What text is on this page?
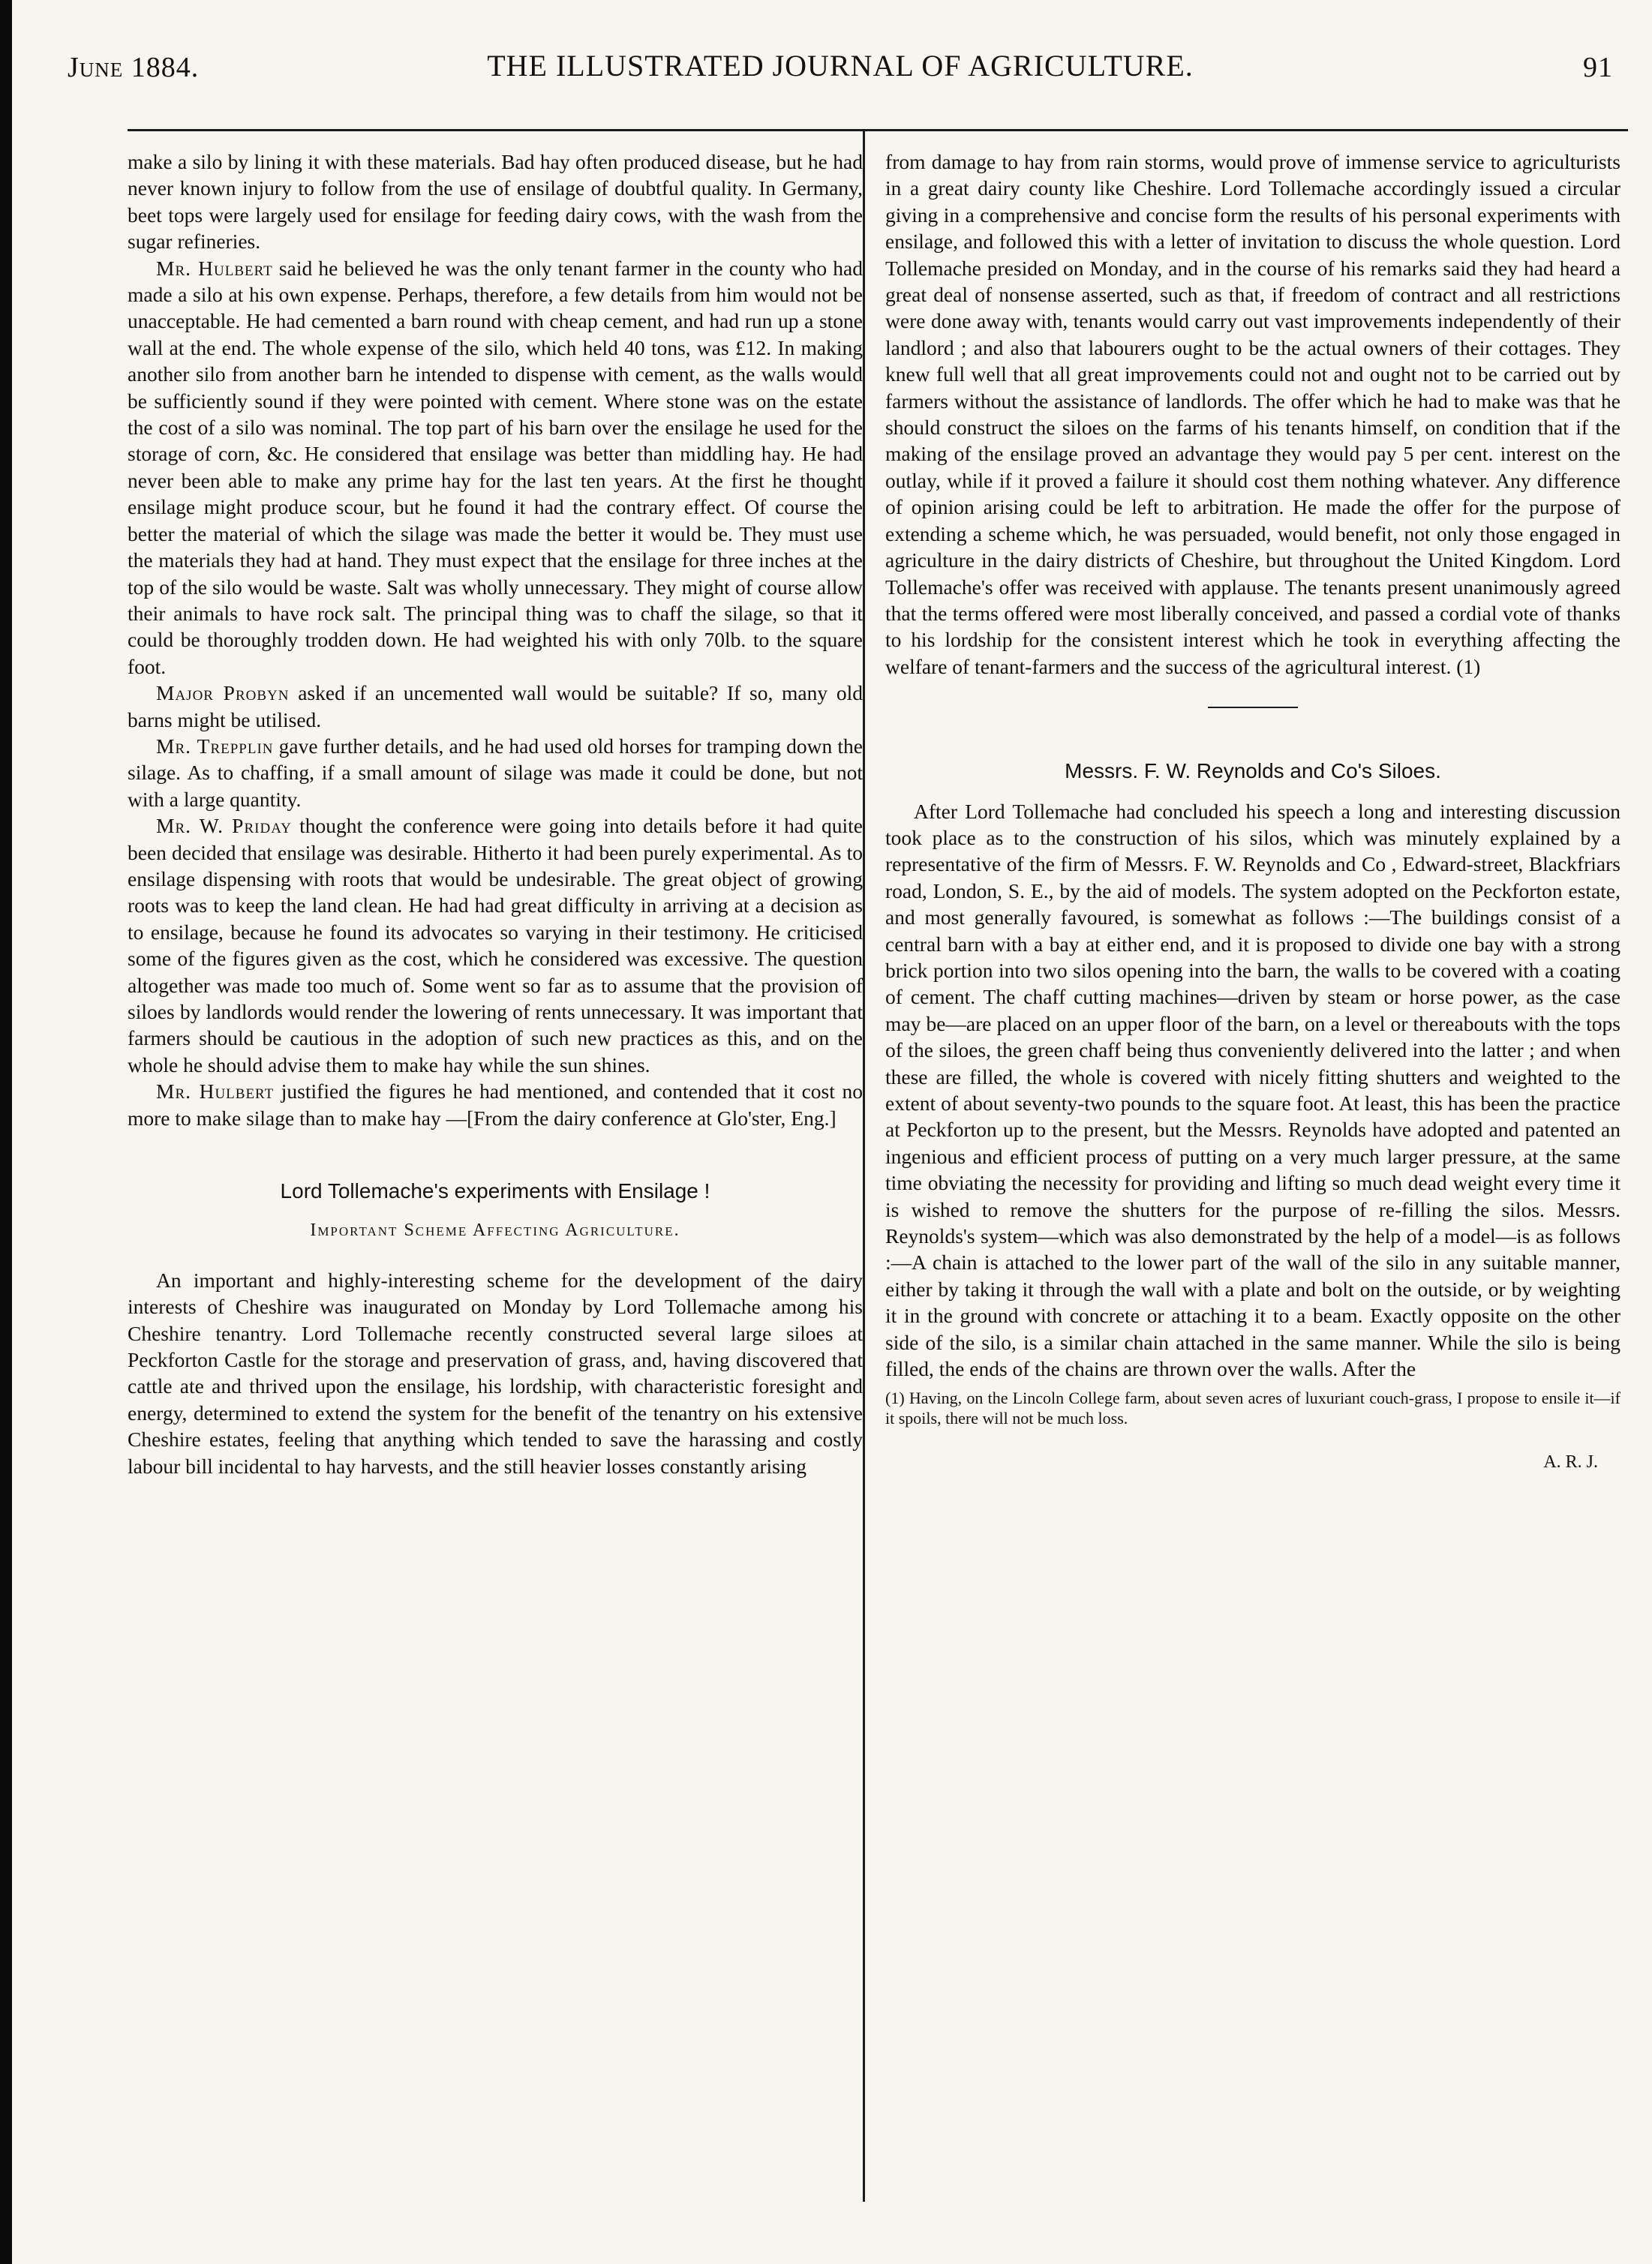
June 1884.	THE ILLUSTRATED JOURNAL OF AGRICULTURE.	91

make a silo by lining it with these materials. Bad hay often produced disease, but he had never known injury to follow from the use of ensilage of doubtful quality. In Germany, beet tops were largely used for ensilage for feeding dairy cows, with the wash from the sugar refineries.

Mr. Hulbert said he believed he was the only tenant farmer in the county who had made a silo at his own expense. Perhaps, therefore, a few details from him would not be unacceptable. He had cemented a barn round with cheap cement, and had run up a stone wall at the end. The whole expense of the silo, which held 40 tons, was £12. In making another silo from another barn he intended to dispense with cement, as the walls would be sufficiently sound if they were pointed with cement. Where stone was on the estate the cost of a silo was nominal. The top part of his barn over the ensilage he used for the storage of corn, &c. He considered that ensilage was better than middling hay. He had never been able to make any prime hay for the last ten years. At the first he thought ensilage might produce scour, but he found it had the contrary effect. Of course the better the material of which the silage was made the better it would be. They must use the materials they had at hand. They must expect that the ensilage for three inches at the top of the silo would be waste. Salt was wholly unnecessary. They might of course allow their animals to have rock salt. The principal thing was to chaff the silage, so that it could be thoroughly trodden down. He had weighted his with only 70lb. to the square foot.

Major Probyn asked if an uncemented wall would be suitable? If so, many old barns might be utilised.

Mr. Trepplin gave further details, and he had used old horses for tramping down the silage. As to chaffing, if a small amount of silage was made it could be done, but not with a large quantity.

Mr. W. Priday thought the conference were going into details before it had quite been decided that ensilage was desirable. Hitherto it had been purely experimental. As to ensilage dispensing with roots that would be undesirable. The great object of growing roots was to keep the land clean. He had had great difficulty in arriving at a decision as to ensilage, because he found its advocates so varying in their testimony. He criticised some of the figures given as the cost, which he considered was excessive. The question altogether was made too much of. Some went so far as to assume that the provision of siloes by landlords would render the lowering of rents unnecessary. It was important that farmers should be cautious in the adoption of such new practices as this, and on the whole he should advise them to make hay while the sun shines.

Mr. Hulbert justified the figures he had mentioned, and contended that it cost no more to make silage than to make hay —[From the dairy conference at Glo'ster, Eng.]

Lord Tollemache's experiments with Ensilage !
Important Scheme Affecting Agriculture.

An important and highly-interesting scheme for the development of the dairy interests of Cheshire was inaugurated on Monday by Lord Tollemache among his Cheshire tenantry. Lord Tollemache recently constructed several large siloes at Peckforton Castle for the storage and preservation of grass, and, having discovered that cattle ate and thrived upon the ensilage, his lordship, with characteristic foresight and energy, determined to extend the system for the benefit of the tenantry on his extensive Cheshire estates, feeling that anything which tended to save the harassing and costly labour bill incidental to hay harvests, and the still heavier losses constantly arising

from damage to hay from rain storms, would prove of immense service to agriculturists in a great dairy county like Cheshire. Lord Tollemache accordingly issued a circular giving in a comprehensive and concise form the results of his personal experiments with ensilage, and followed this with a letter of invitation to discuss the whole question. Lord Tollemache presided on Monday, and in the course of his remarks said they had heard a great deal of nonsense asserted, such as that, if freedom of contract and all restrictions were done away with, tenants would carry out vast improvements independently of their landlord ; and also that labourers ought to be the actual owners of their cottages. They knew full well that all great improvements could not and ought not to be carried out by farmers without the assistance of landlords. The offer which he had to make was that he should construct the siloes on the farms of his tenants himself, on condition that if the making of the ensilage proved an advantage they would pay 5 per cent. interest on the outlay, while if it proved a failure it should cost them nothing whatever. Any difference of opinion arising could be left to arbitration. He made the offer for the purpose of extending a scheme which, he was persuaded, would benefit, not only those engaged in agriculture in the dairy districts of Cheshire, but throughout the United Kingdom. Lord Tollemache's offer was received with applause. The tenants present unanimously agreed that the terms offered were most liberally conceived, and passed a cordial vote of thanks to his lordship for the consistent interest which he took in everything affecting the welfare of tenant-farmers and the success of the agricultural interest. (1)

Messrs. F. W. Reynolds and Co's Siloes.

After Lord Tollemache had concluded his speech a long and interesting discussion took place as to the construction of his silos, which was minutely explained by a representative of the firm of Messrs. F. W. Reynolds and Co , Edward-street, Blackfriars road, London, S. E., by the aid of models. The system adopted on the Peckforton estate, and most generally favoured, is somewhat as follows :—The buildings consist of a central barn with a bay at either end, and it is proposed to divide one bay with a strong brick portion into two silos opening into the barn, the walls to be covered with a coating of cement. The chaff cutting machines—driven by steam or horse power, as the case may be—are placed on an upper floor of the barn, on a level or thereabouts with the tops of the siloes, the green chaff being thus conveniently delivered into the latter ; and when these are filled, the whole is covered with nicely fitting shutters and weighted to the extent of about seventy-two pounds to the square foot. At least, this has been the practice at Peckforton up to the present, but the Messrs. Reynolds have adopted and patented an ingenious and efficient process of putting on a very much larger pressure, at the same time obviating the necessity for providing and lifting so much dead weight every time it is wished to remove the shutters for the purpose of re-filling the silos. Messrs. Reynolds's system—which was also demonstrated by the help of a model—is as follows :—A chain is attached to the lower part of the wall of the silo in any suitable manner, either by taking it through the wall with a plate and bolt on the outside, or by weighting it in the ground with concrete or attaching it to a beam. Exactly opposite on the other side of the silo, is a similar chain attached in the same manner. While the silo is being filled, the ends of the chains are thrown over the walls. After the

(1) Having, on the Lincoln College farm, about seven acres of luxuriant couch-grass, I propose to ensile it—if it spoils, there will not be much loss.

A. R. J.
